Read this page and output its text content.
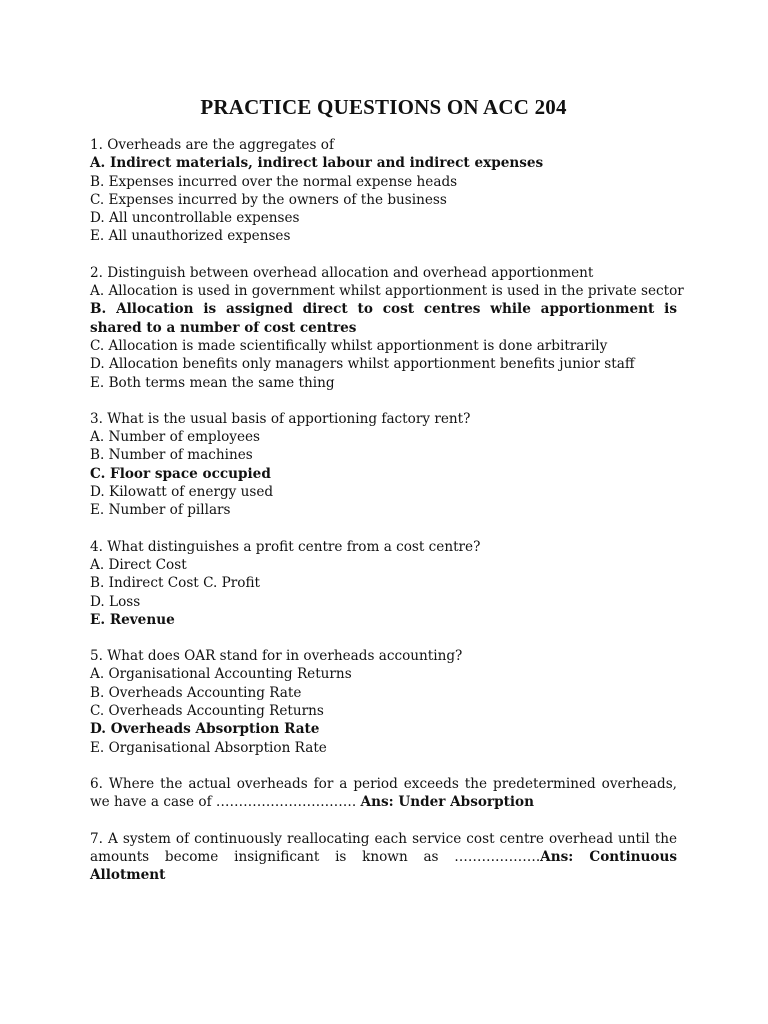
PRACTICE QUESTIONS ON ACC 204

1. Overheads are the aggregates of

A. Indirect materials, indirect labour and indirect expenses

B. Expenses incurred over the normal expense heads

C. Expenses incurred by the owners of the business

D. All uncontrollable expenses

E. All unauthorized expenses

2. Distinguish between overhead allocation and overhead apportionment

A. Allocation is used in government whilst apportionment is used in the private sector

B. Allocation is assigned direct to cost centres while apportionment is shared to a number of cost centres

C. Allocation is made scientifically whilst apportionment is done arbitrarily

D. Allocation benefits only managers whilst apportionment benefits junior staff

E. Both terms mean the same thing

3. What is the usual basis of apportioning factory rent?

A. Number of employees

B. Number of machines

C. Floor space occupied

D. Kilowatt of energy used

E. Number of pillars

4. What distinguishes a profit centre from a cost centre?

A. Direct Cost

B. Indirect Cost C. Profit

D. Loss

E. Revenue

5. What does OAR stand for in overheads accounting?

A. Organisational Accounting Returns

B. Overheads Accounting Rate

C. Overheads Accounting Returns

D. Overheads Absorption Rate

E. Organisational Absorption Rate

6. Where the actual overheads for a period exceeds the predetermined overheads, we have a case of …………………………. Ans: Under Absorption

7. A system of continuously reallocating each service cost centre overhead until the amounts become insignificant is known as ……………….Ans: Continuous Allotment
